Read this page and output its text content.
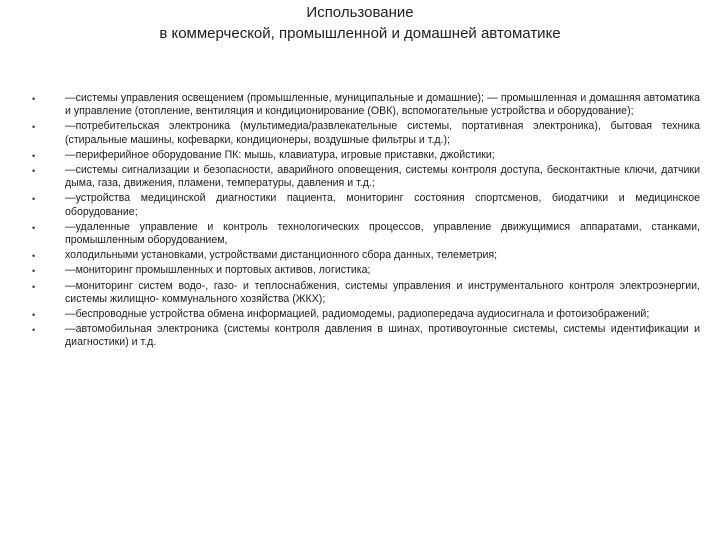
Использование
в коммерческой, промышленной и домашней автоматике
•	—системы управления освещением (промышленные, муниципальные и домашние); — промышленная и домашняя автоматика и управление (отопление, вентиляция и кондиционирование (ОВК), вспомогательные устройства и оборудование);
•	—потребительская электроника (мультимедиа/развлекательные системы, портативная электроника), бытовая техника (стиральные машины, кофеварки, кондиционеры, воздушные фильтры и т.д.);
•	—периферийное оборудование ПК: мышь, клавиатура, игровые приставки, джойстики;
•	—системы сигнализации и безопасности, аварийного оповещения, системы контроля доступа, бесконтактные ключи, датчики дыма, газа, движения, пламени, температуры, давления и т.д.;
•	—устройства медицинской диагностики пациента, мониторинг состояния спортсменов, биодатчики и медицинское оборудование;
•	—удаленные управление и контроль технологических процессов, управление движущимися аппаратами, станками, промышленным оборудованием,
•	холодильными установками, устройствами дистанционного сбора данных, телеметрия;
•	—мониторинг промышленных и портовых активов, логистика;
•	—мониторинг систем водо-, газо- и теплоснабжения, системы управления и инструментального контроля электроэнергии, системы жилищно- коммунального хозяйства (ЖКХ);
•	—беспроводные устройства обмена информацией, радиомодемы, радиопередача аудиосигнала и фотоизображений;
•	—автомобильная электроника (системы контроля давления в шинах, противоугонные системы, системы идентификации и диагностики) и т.д.
